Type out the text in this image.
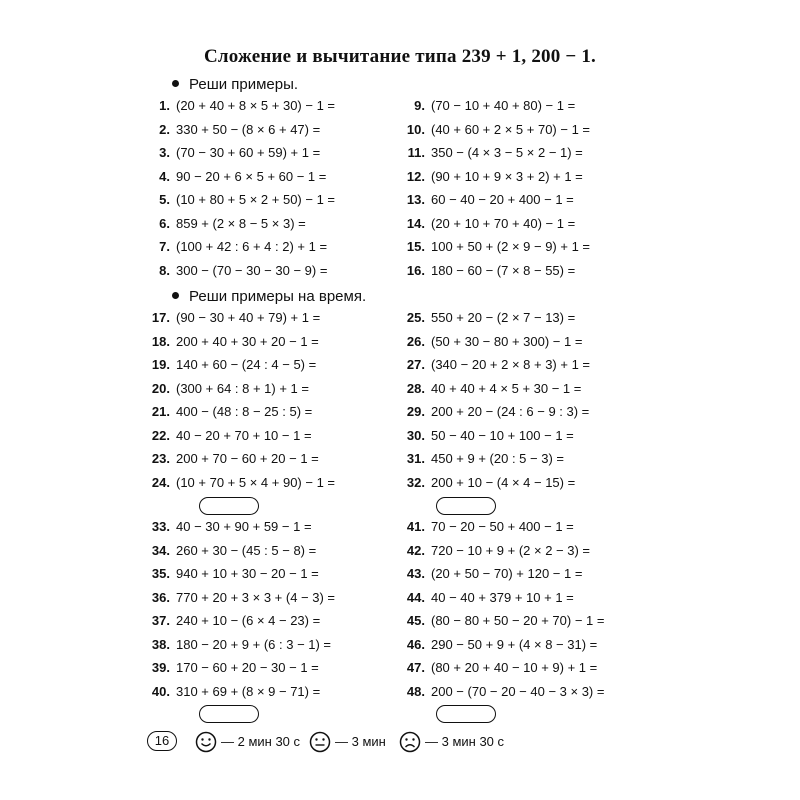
Сложение и вычитание типа 239 + 1, 200 − 1.
Реши примеры.
1. (20 + 40 + 8 × 5 + 30) − 1 =
2. 330 + 50 − (8 × 6 + 47) =
3. (70 − 30 + 60 + 59) + 1 =
4. 90 − 20 + 6 × 5 + 60 − 1 =
5. (10 + 80 + 5 × 2 + 50) − 1 =
6. 859 + (2 × 8 − 5 × 3) =
7. (100 + 42 : 6 + 4 : 2) + 1 =
8. 300 − (70 − 30 − 30 − 9) =
9. (70 − 10 + 40 + 80) − 1 =
10. (40 + 60 + 2 × 5 + 70) − 1 =
11. 350 − (4 × 3 − 5 × 2 − 1) =
12. (90 + 10 + 9 × 3 + 2) + 1 =
13. 60 − 40 − 20 + 400 − 1 =
14. (20 + 10 + 70 + 40) − 1 =
15. 100 + 50 + (2 × 9 − 9) + 1 =
16. 180 − 60 − (7 × 8 − 55) =
Реши примеры на время.
17. (90 − 30 + 40 + 79) + 1 =
18. 200 + 40 + 30 + 20 − 1 =
19. 140 + 60 − (24 : 4 − 5) =
20. (300 + 64 : 8 + 1) + 1 =
21. 400 − (48 : 8 − 25 : 5) =
22. 40 − 20 + 70 + 10 − 1 =
23. 200 + 70 − 60 + 20 − 1 =
24. (10 + 70 + 5 × 4 + 90) − 1 =
25. 550 + 20 − (2 × 7 − 13) =
26. (50 + 30 − 80 + 300) − 1 =
27. (340 − 20 + 2 × 8 + 3) + 1 =
28. 40 + 40 + 4 × 5 + 30 − 1 =
29. 200 + 20 − (24 : 6 − 9 : 3) =
30. 50 − 40 − 10 + 100 − 1 =
31. 450 + 9 + (20 : 5 − 3) =
32. 200 + 10 − (4 × 4 − 15) =
33. 40 − 30 + 90 + 59 − 1 =
34. 260 + 30 − (45 : 5 − 8) =
35. 940 + 10 + 30 − 20 − 1 =
36. 770 + 20 + 3 × 3 + (4 − 3) =
37. 240 + 10 − (6 × 4 − 23) =
38. 180 − 20 + 9 + (6 : 3 − 1) =
39. 170 − 60 + 20 − 30 − 1 =
40. 310 + 69 + (8 × 9 − 71) =
41. 70 − 20 − 50 + 400 − 1 =
42. 720 − 10 + 9 + (2 × 2 − 3) =
43. (20 + 50 − 70) + 120 − 1 =
44. 40 − 40 + 379 + 10 + 1 =
45. (80 − 80 + 50 − 20 + 70) − 1 =
46. 290 − 50 + 9 + (4 × 8 − 31) =
47. (80 + 20 + 40 − 10 + 9) + 1 =
48. 200 − (70 − 20 − 40 − 3 × 3) =
16	— 2 мин 30 с	— 3 мин	— 3 мин 30 с
